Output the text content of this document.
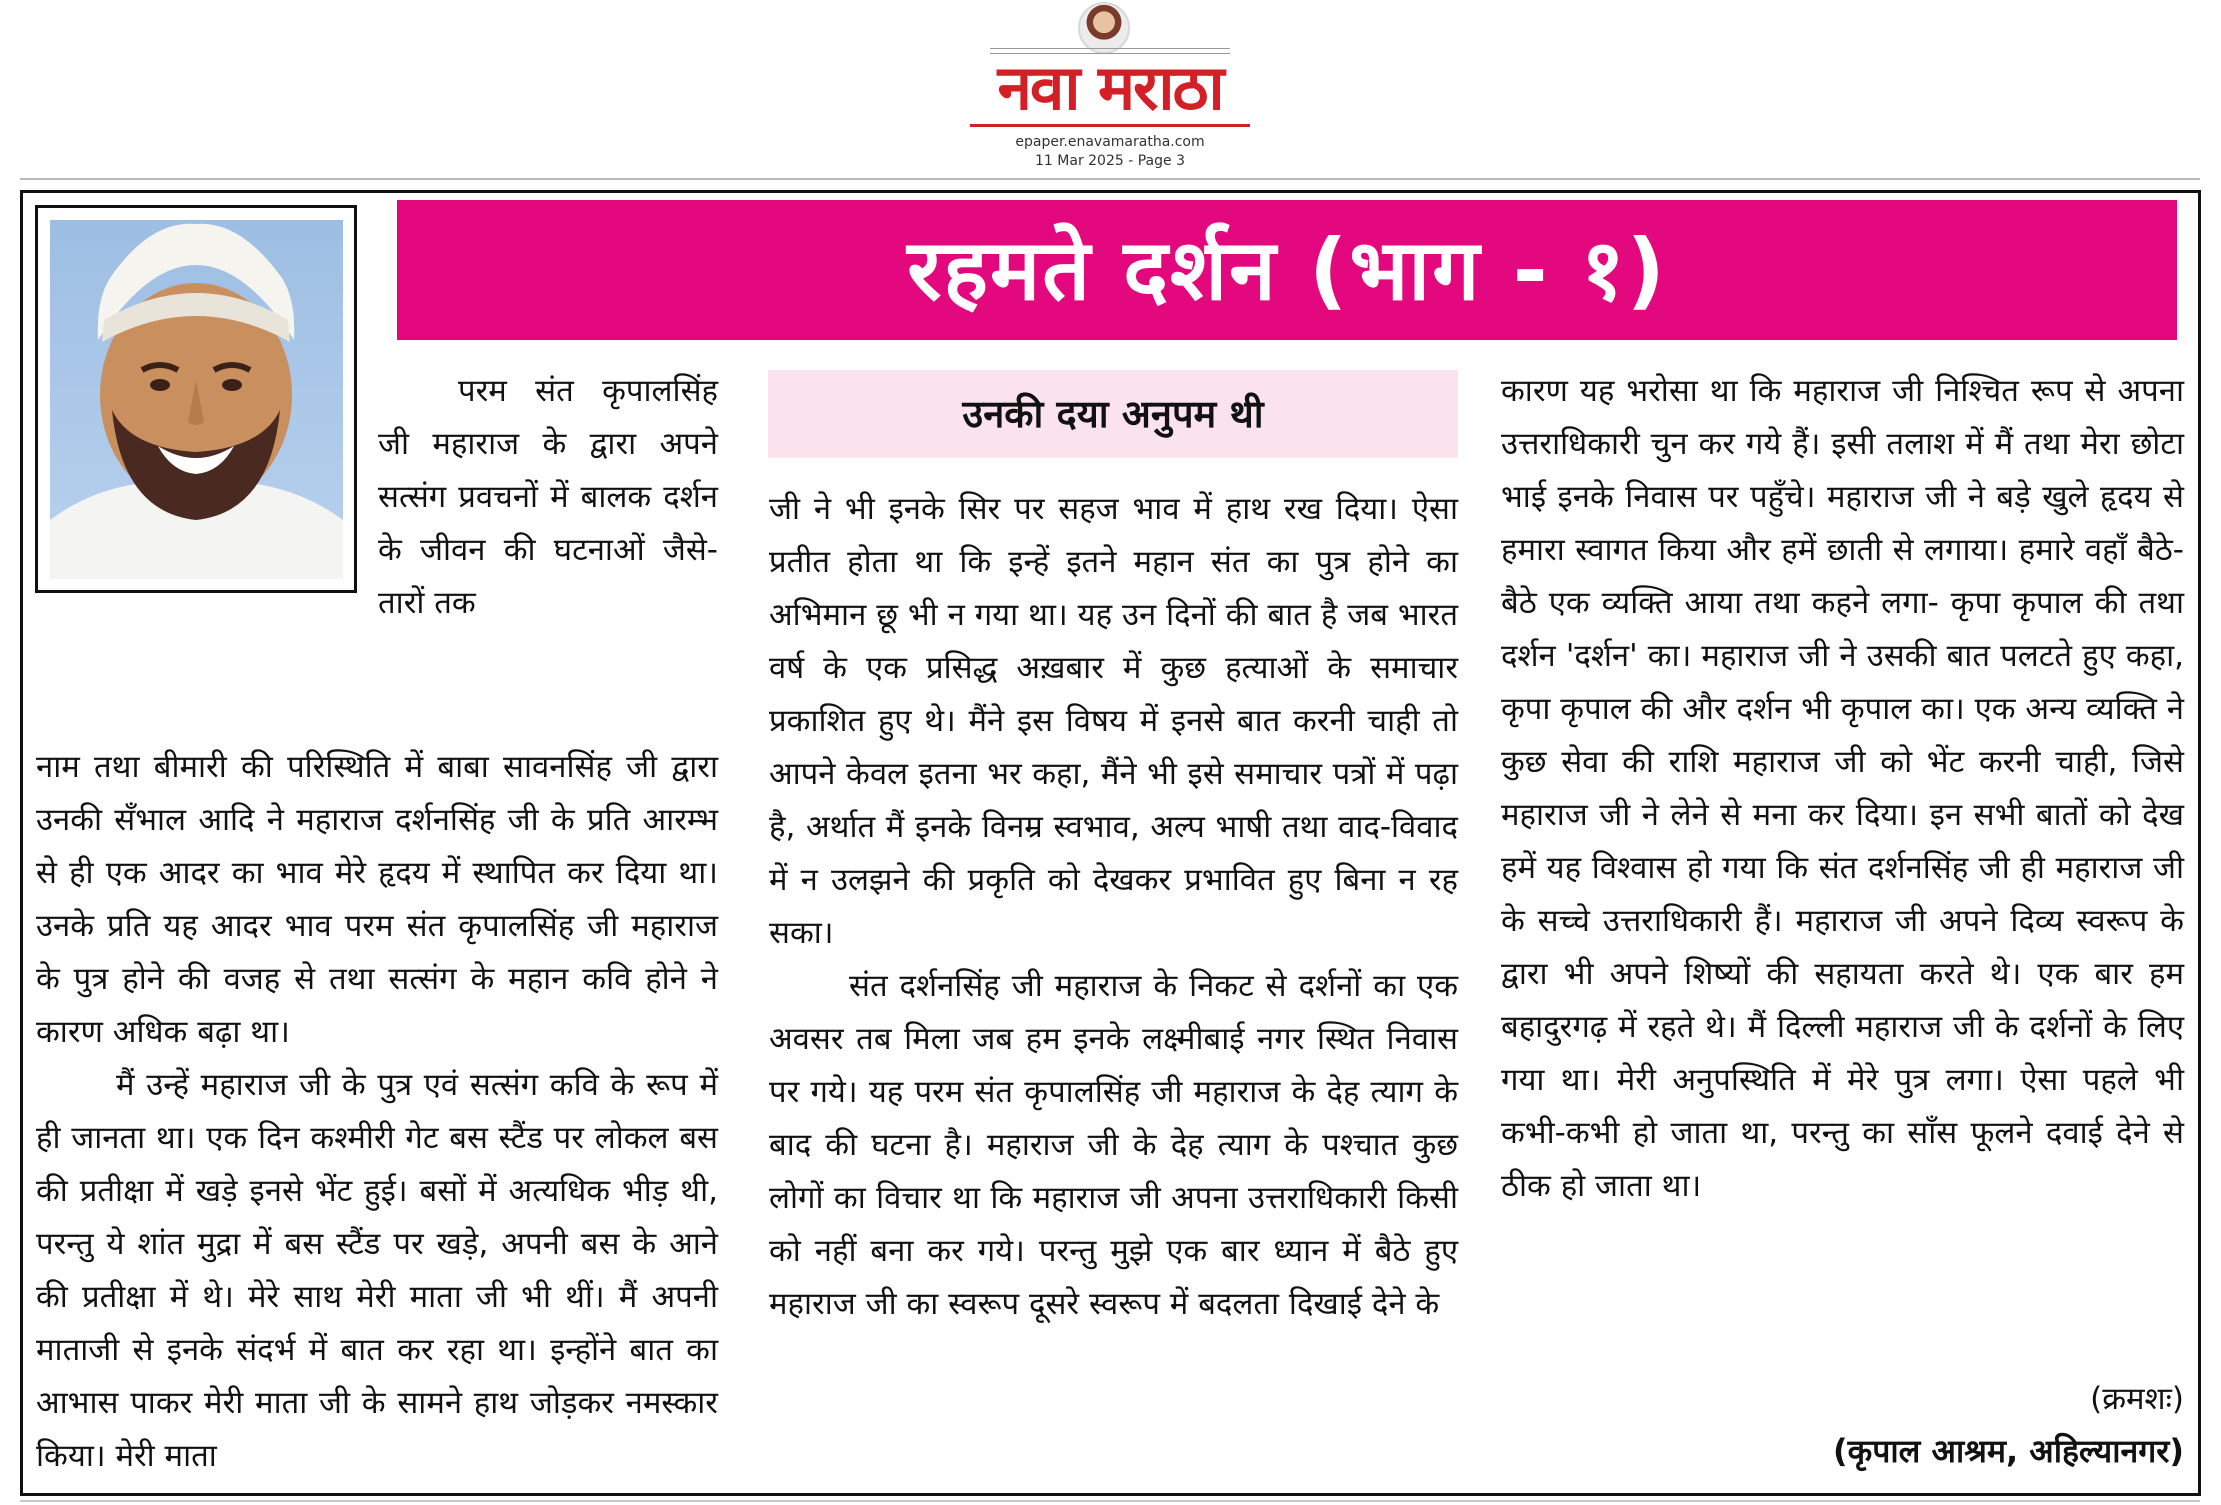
नवा मराठा
epaper.enavamaratha.com
11 Mar 2025 - Page 3
रहमते दर्शन (भाग - १)

परम संत कृपालसिंह जी महाराज के द्वारा अपने सत्संग प्रवचनों में बालक दर्शन के जीवन की घटनाओं जैसे- तारों तक

नाम तथा बीमारी की परिस्थिति में बाबा सावनसिंह जी द्वारा उनकी सँभाल आदि ने महाराज दर्शनसिंह जी के प्रति आरम्भ से ही एक आदर का भाव मेरे हृदय में स्थापित कर दिया था। उनके प्रति यह आदर भाव परम संत कृपालसिंह जी महाराज के पुत्र होने की वजह से तथा सत्संग के महान कवि होने ने कारण अधिक बढ़ा था।

मैं उन्हें महाराज जी के पुत्र एवं सत्संग कवि के रूप में ही जानता था। एक दिन कश्मीरी गेट बस स्टैंड पर लोकल बस की प्रतीक्षा में खड़े इनसे भेंट हुई। बसों में अत्यधिक भीड़ थी, परन्तु ये शांत मुद्रा में बस स्टैंड पर खड़े, अपनी बस के आने की प्रतीक्षा में थे। मेरे साथ मेरी माता जी भी थीं। मैं अपनी माताजी से इनके संदर्भ में बात कर रहा था। इन्होंने बात का आभास पाकर मेरी माता जी के सामने हाथ जोड़कर नमस्कार किया। मेरी माता

उनकी दया अनुपम थी

जी ने भी इनके सिर पर सहज भाव में हाथ रख दिया। ऐसा प्रतीत होता था कि इन्हें इतने महान संत का पुत्र होने का अभिमान छू भी न गया था। यह उन दिनों की बात है जब भारत वर्ष के एक प्रसिद्ध अख़बार में कुछ हत्याओं के समाचार प्रकाशित हुए थे। मैंने इस विषय में इनसे बात करनी चाही तो आपने केवल इतना भर कहा, मैंने भी इसे समाचार पत्रों में पढ़ा है, अर्थात मैं इनके विनम्र स्वभाव, अल्प भाषी तथा वाद-विवाद में न उलझने की प्रकृति को देखकर प्रभावित हुए बिना न रह सका।

संत दर्शनसिंह जी महाराज के निकट से दर्शनों का एक अवसर तब मिला जब हम इनके लक्ष्मीबाई नगर स्थित निवास पर गये। यह परम संत कृपालसिंह जी महाराज के देह त्याग के बाद की घटना है। महाराज जी के देह त्याग के पश्चात कुछ लोगों का विचार था कि महाराज जी अपना उत्तराधिकारी किसी को नहीं बना कर गये। परन्तु मुझे एक बार ध्यान में बैठे हुए महाराज जी का स्वरूप दूसरे स्वरूप में बदलता दिखाई देने के

कारण यह भरोसा था कि महाराज जी निश्चित रूप से अपना उत्तराधिकारी चुन कर गये हैं। इसी तलाश में मैं तथा मेरा छोटा भाई इनके निवास पर पहुँचे। महाराज जी ने बड़े खुले हृदय से हमारा स्वागत किया और हमें छाती से लगाया। हमारे वहाँ बैठे-बैठे एक व्यक्ति आया तथा कहने लगा- कृपा कृपाल की तथा दर्शन 'दर्शन' का। महाराज जी ने उसकी बात पलटते हुए कहा, कृपा कृपाल की और दर्शन भी कृपाल का। एक अन्य व्यक्ति ने कुछ सेवा की राशि महाराज जी को भेंट करनी चाही, जिसे महाराज जी ने लेने से मना कर दिया। इन सभी बातों को देख हमें यह विश्वास हो गया कि संत दर्शनसिंह जी ही महाराज जी के सच्चे उत्तराधिकारी हैं। महाराज जी अपने दिव्य स्वरूप के द्वारा भी अपने शिष्यों की सहायता करते थे। एक बार हम बहादुरगढ़ में रहते थे। मैं दिल्ली महाराज जी के दर्शनों के लिए गया था। मेरी अनुपस्थिति में मेरे पुत्र लगा। ऐसा पहले भी कभी-कभी हो जाता था, परन्तु का साँस फूलने दवाई देने से ठीक हो जाता था।

(क्रमशः)
(कृपाल आश्रम, अहिल्यानगर)
